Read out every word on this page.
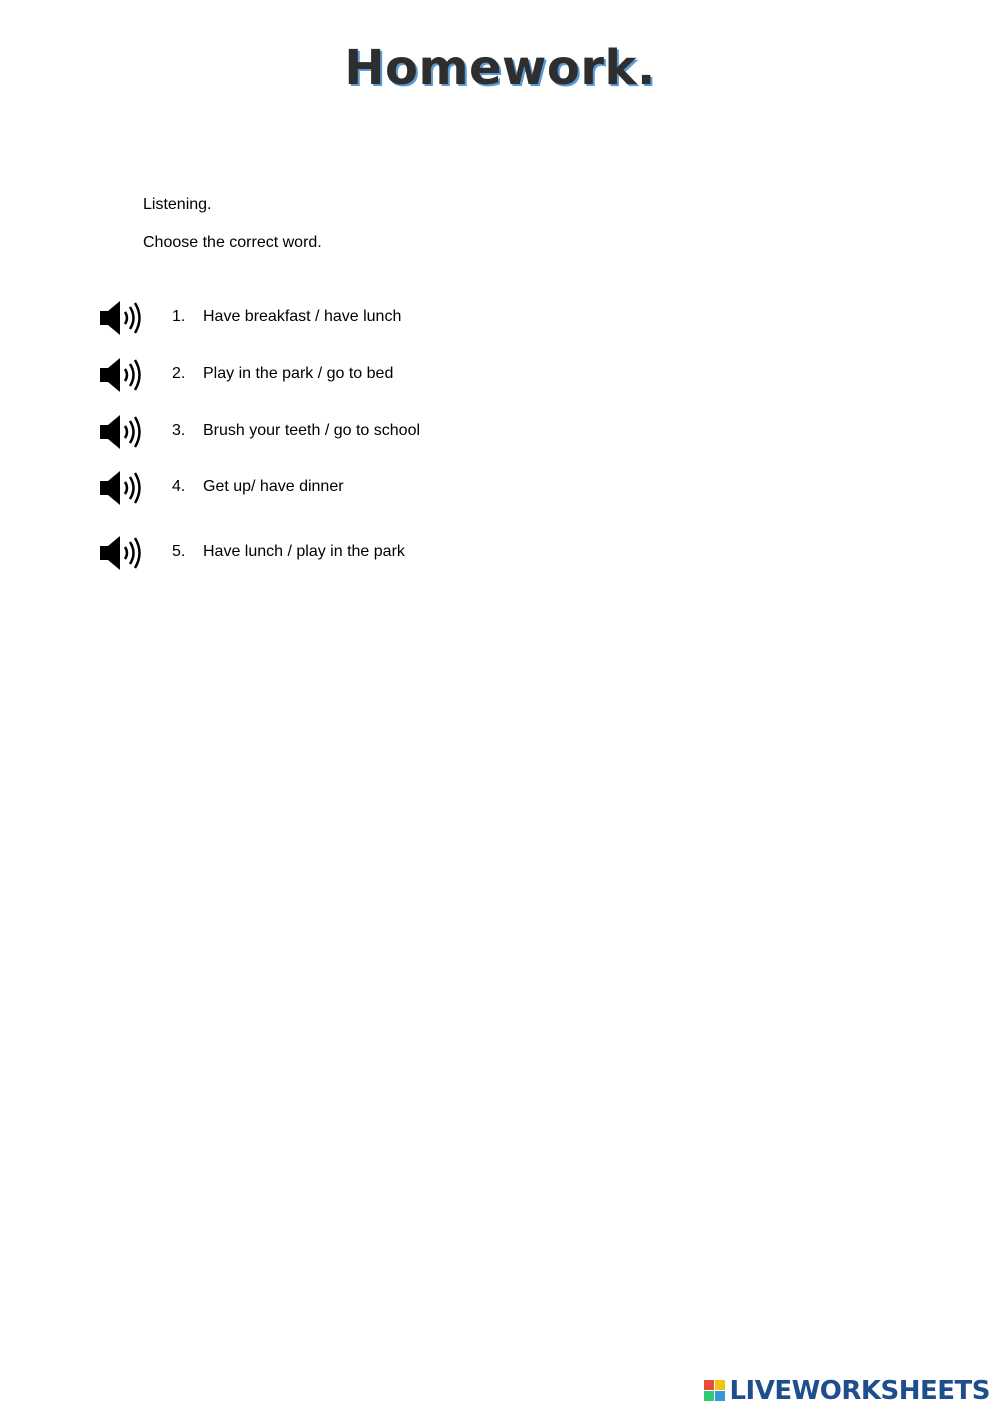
Homework.
Listening.
Choose the correct word.
1. Have breakfast / have lunch
2. Play in the park / go to bed
3. Brush your teeth / go to school
4. Get up/ have dinner
5. Have lunch / play in the park
LIVEWORKSHEETS
